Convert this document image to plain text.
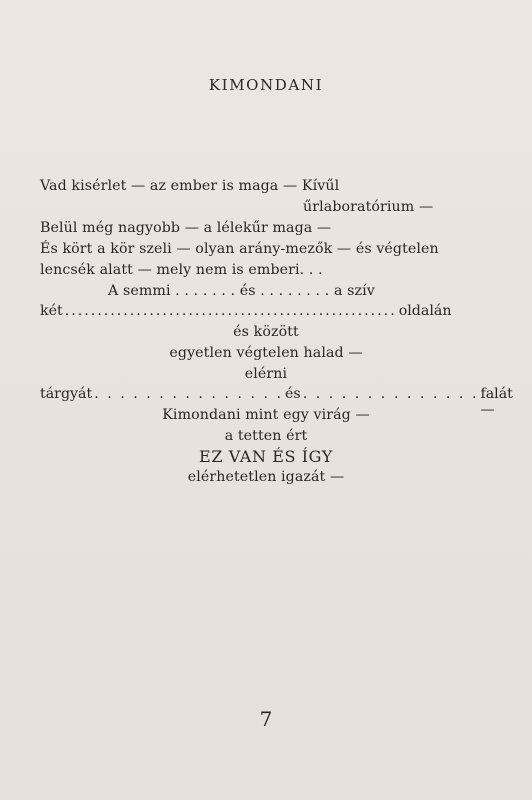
KIMONDANI
Vad kisérlet — az ember is maga — Kívűl
űrlaboratórium —
Belül még nagyobb — a lélekűr maga —
És kört a kör szeli — olyan arány-mezők — és végtelen
lencsék alatt — mely nem is emberi. . .
A semmi . . . . . . . és . . . . . . . . a szív
két ................................................... oldalán
és között
egyetlen végtelen halad —
elérni
tárgyát . . . . . . . . . . . . . . . és . . . . . . . . . . . . . . falát —
Kimondani mint egy virág —
a tetten ért
EZ VAN ÉS ÍGY
elérhetetlen igazát —
7
